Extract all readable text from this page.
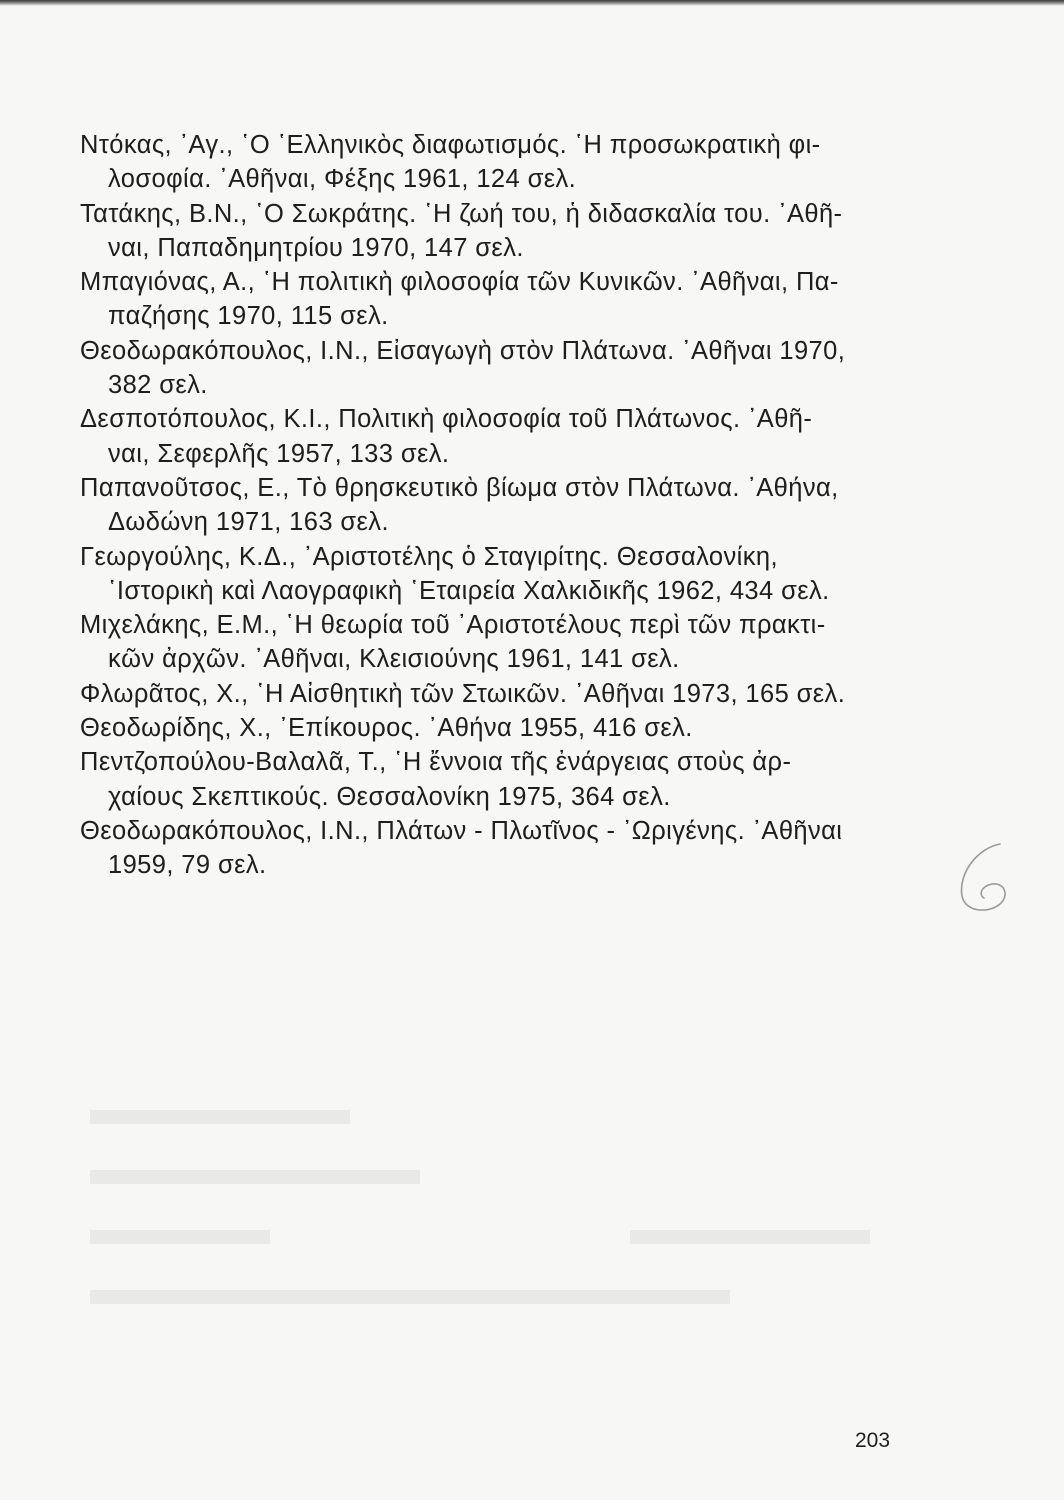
Ντόκας, ᾿Αγ., ῾Ο ῾Ελληνικὸς διαφωτισμός. ῾Η προσωκρατικὴ φι-
λοσοφία. ᾿Αθῆναι, Φέξης 1961, 124 σελ.
Τατάκης, Β.Ν., ῾Ο Σωκράτης. ῾Η ζωή του, ἡ διδασκαλία του. ᾿Αθῆ-
ναι, Παπαδημητρίου 1970, 147 σελ.
Μπαγιόνας, Α., ῾Η πολιτικὴ φιλοσοφία τῶν Κυνικῶν. ᾿Αθῆναι, Πα-
παζήσης 1970, 115 σελ.
Θεοδωρακόπουλος, Ι.Ν., Εἰσαγωγὴ στὸν Πλάτωνα. ᾿Αθῆναι 1970,
382 σελ.
Δεσποτόπουλος, Κ.Ι., Πολιτικὴ φιλοσοφία τοῦ Πλάτωνος. ᾿Αθῆ-
ναι, Σεφερλῆς 1957, 133 σελ.
Παπανοῦτσος, Ε., Τὸ θρησκευτικὸ βίωμα στὸν Πλάτωνα. ᾿Αθήνα,
Δωδώνη 1971, 163 σελ.
Γεωργούλης, Κ.Δ., ᾿Αριστοτέλης ὁ Σταγιρίτης. Θεσσαλονίκη,
῾Ιστορικὴ καὶ Λαογραφικὴ ῾Εταιρεία Χαλκιδικῆς 1962, 434 σελ.
Μιχελάκης, Ε.Μ., ῾Η θεωρία τοῦ ᾿Αριστοτέλους περὶ τῶν πρακτι-
κῶν ἀρχῶν. ᾿Αθῆναι, Κλεισιούνης 1961, 141 σελ.
Φλωρᾶτος, Χ., ῾Η Αἰσθητικὴ τῶν Στωικῶν. ᾿Αθῆναι 1973, 165 σελ.
Θεοδωρίδης, Χ., ᾿Επίκουρος. ᾿Αθήνα 1955, 416 σελ.
Πεντζοπούλου-Βαλαλᾶ, Τ., ῾Η ἔννοια τῆς ἐνάργειας στοὺς ἀρ-
χαίους Σκεπτικούς. Θεσσαλονίκη 1975, 364 σελ.
Θεοδωρακόπουλος, Ι.Ν., Πλάτων - Πλωτῖνος - ᾿Ωριγένης. ᾿Αθῆναι
1959, 79 σελ.
203
